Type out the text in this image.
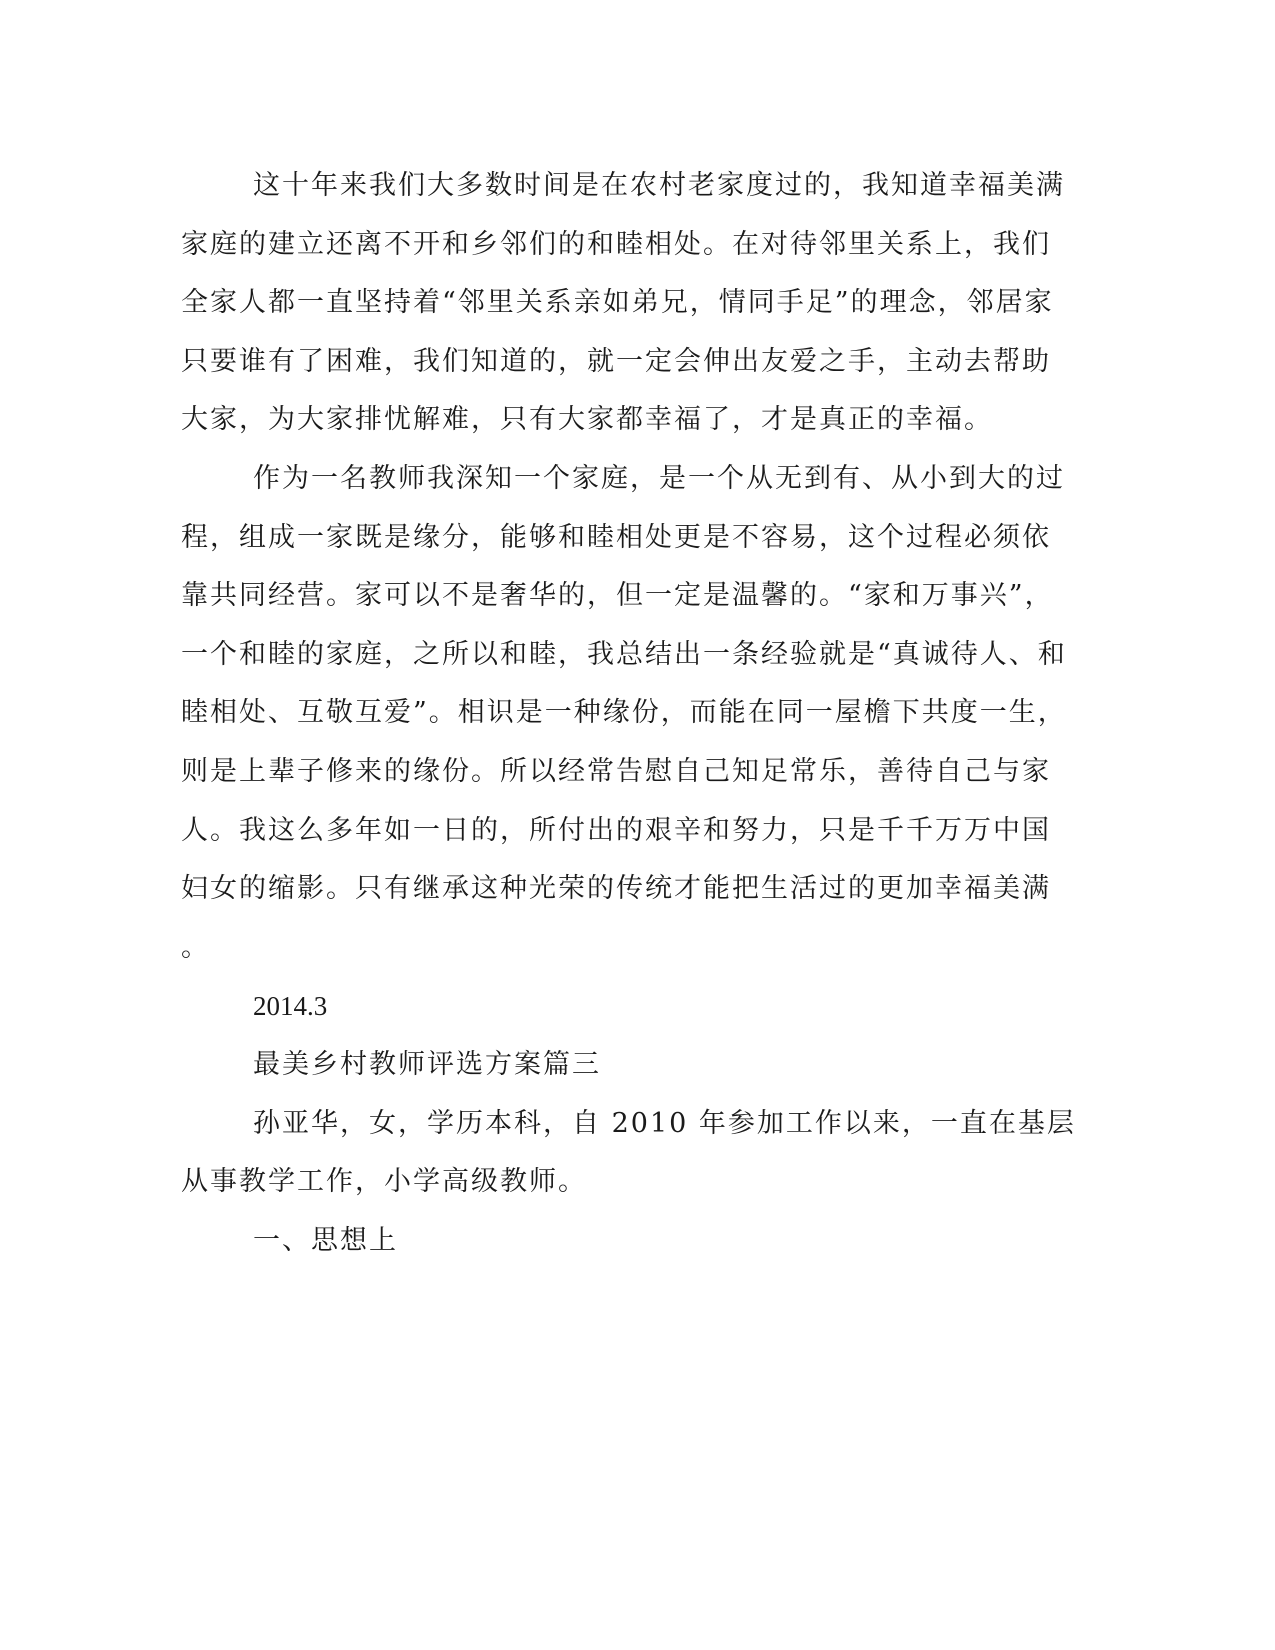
这十年来我们大多数时间是在农村老家度过的，我知道幸福美满
家庭的建立还离不开和乡邻们的和睦相处。在对待邻里关系上，我们
全家人都一直坚持着“邻里关系亲如弟兄，情同手足”的理念，邻居家
只要谁有了困难，我们知道的，就一定会伸出友爱之手，主动去帮助
大家，为大家排忧解难，只有大家都幸福了，才是真正的幸福。
作为一名教师我深知一个家庭，是一个从无到有、从小到大的过
程，组成一家既是缘分，能够和睦相处更是不容易，这个过程必须依
靠共同经营。家可以不是奢华的，但一定是温馨的。“家和万事兴”，
一个和睦的家庭，之所以和睦，我总结出一条经验就是“真诚待人、和
睦相处、互敬互爱”。相识是一种缘份，而能在同一屋檐下共度一生，
则是上辈子修来的缘份。所以经常告慰自己知足常乐，善待自己与家
人。我这么多年如一日的，所付出的艰辛和努力，只是千千万万中国
妇女的缩影。只有继承这种光荣的传统才能把生活过的更加幸福美满
。
2014.3
最美乡村教师评选方案篇三
孙亚华，女，学历本科，自 2010 年参加工作以来，一直在基层
从事教学工作，小学高级教师。
一、思想上
